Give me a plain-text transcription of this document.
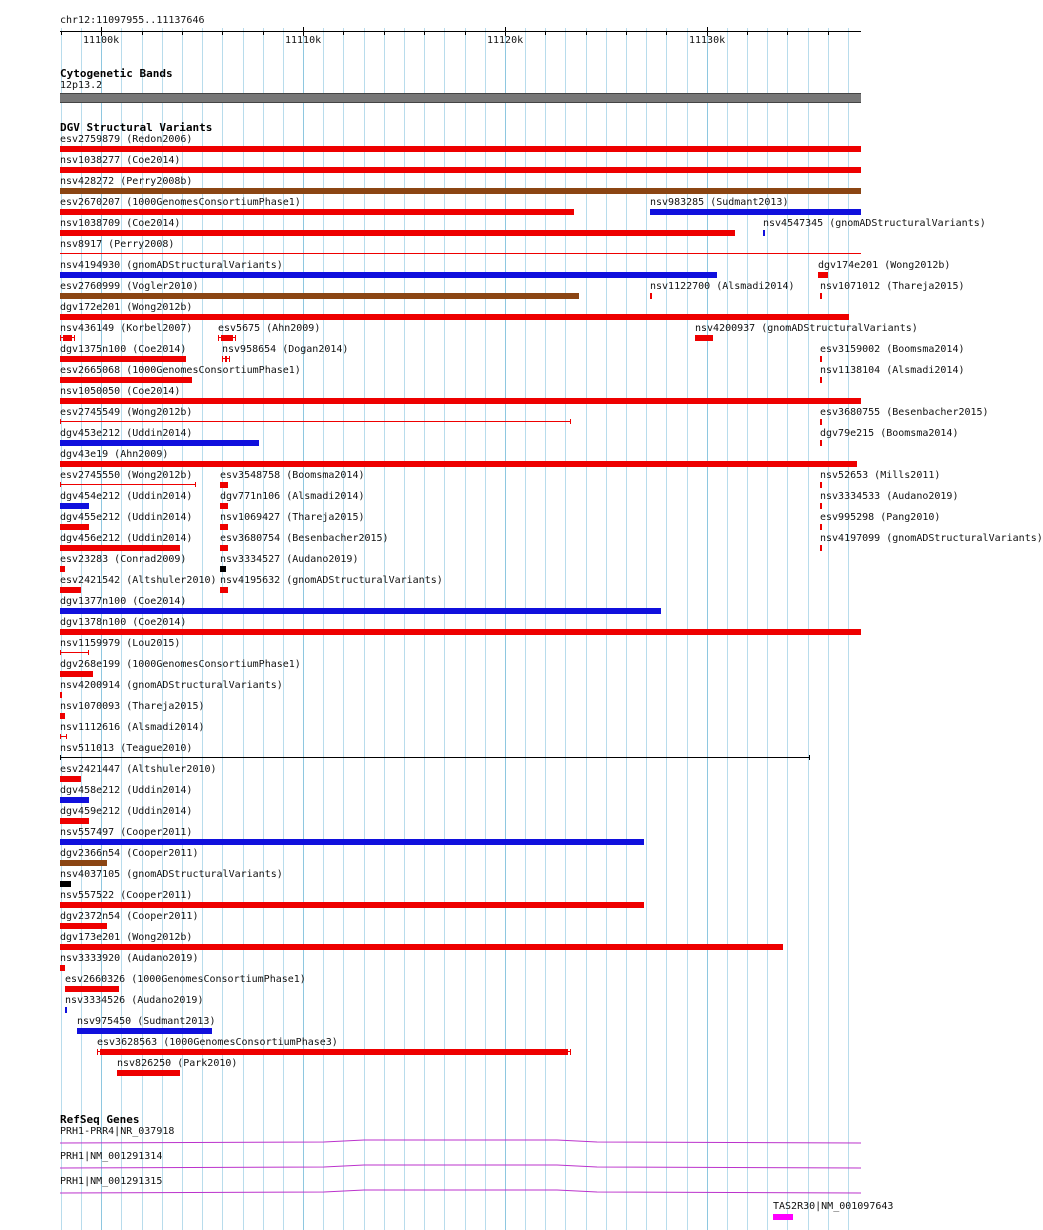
chr12:11097955..11137646
11100k	11110k	11120k	11130k
Cytogenetic Bands
12p13.2
DGV Structural Variants
RefSeq Genes
esv2759879 (Redon2006)
nsv1038277 (Coe2014)
nsv428272 (Perry2008b)
esv2670207 (1000GenomesConsortiumPhase1)	nsv983285 (Sudmant2013)
nsv1038709 (Coe2014)	nsv4547345 (gnomADStructuralVariants)
nsv8917 (Perry2008)
nsv4194930 (gnomADStructuralVariants)	dgv174e201 (Wong2012b)
esv2760999 (Vogler2010)	nsv1122700 (Alsmadi2014)	nsv1071012 (Thareja2015)
dgv172e201 (Wong2012b)
nsv436149 (Korbel2007)	esv5675 (Ahn2009)	nsv4200937 (gnomADStructuralVariants)
dgv1375n100 (Coe2014)	nsv958654 (Dogan2014)	esv3159002 (Boomsma2014)
esv2665068 (1000GenomesConsortiumPhase1)	nsv1138104 (Alsmadi2014)
nsv1050050 (Coe2014)
esv2745549 (Wong2012b)	esv3680755 (Besenbacher2015)
dgv453e212 (Uddin2014)	dgv79e215 (Boomsma2014)
dgv43e19 (Ahn2009)
esv2745550 (Wong2012b)	esv3548758 (Boomsma2014)	nsv52653 (Mills2011)
dgv454e212 (Uddin2014)	dgv771n106 (Alsmadi2014)	nsv3334533 (Audano2019)
dgv455e212 (Uddin2014)	nsv1069427 (Thareja2015)	esv995298 (Pang2010)
dgv456e212 (Uddin2014)	esv3680754 (Besenbacher2015)	nsv4197099 (gnomADStructuralVariants)
esv23283 (Conrad2009)	nsv3334527 (Audano2019)
esv2421542 (Altshuler2010) nsv4195632 (gnomADStructuralVariants)
dgv1377n100 (Coe2014)
dgv1378n100 (Coe2014)
nsv1159979 (Lou2015)
dgv268e199 (1000GenomesConsortiumPhase1)
nsv4200914 (gnomADStructuralVariants)
nsv1070093 (Thareja2015)
nsv1112616 (Alsmadi2014)
nsv511013 (Teague2010)
esv2421447 (Altshuler2010)
dgv458e212 (Uddin2014)
dgv459e212 (Uddin2014)
nsv557497 (Cooper2011)
dgv2366n54 (Cooper2011)
nsv4037105 (gnomADStructuralVariants)
nsv557522 (Cooper2011)
dgv2372n54 (Cooper2011)
dgv173e201 (Wong2012b)
nsv3333920 (Audano2019)
esv2660326 (1000GenomesConsortiumPhase1)
nsv3334526 (Audano2019)
nsv975450 (Sudmant2013)
esv3628563 (1000GenomesConsortiumPhase3)
nsv826250 (Park2010)
PRH1-PRR4|NR_037918
PRH1|NM_001291314
PRH1|NM_001291315
TAS2R30|NM_001097643
